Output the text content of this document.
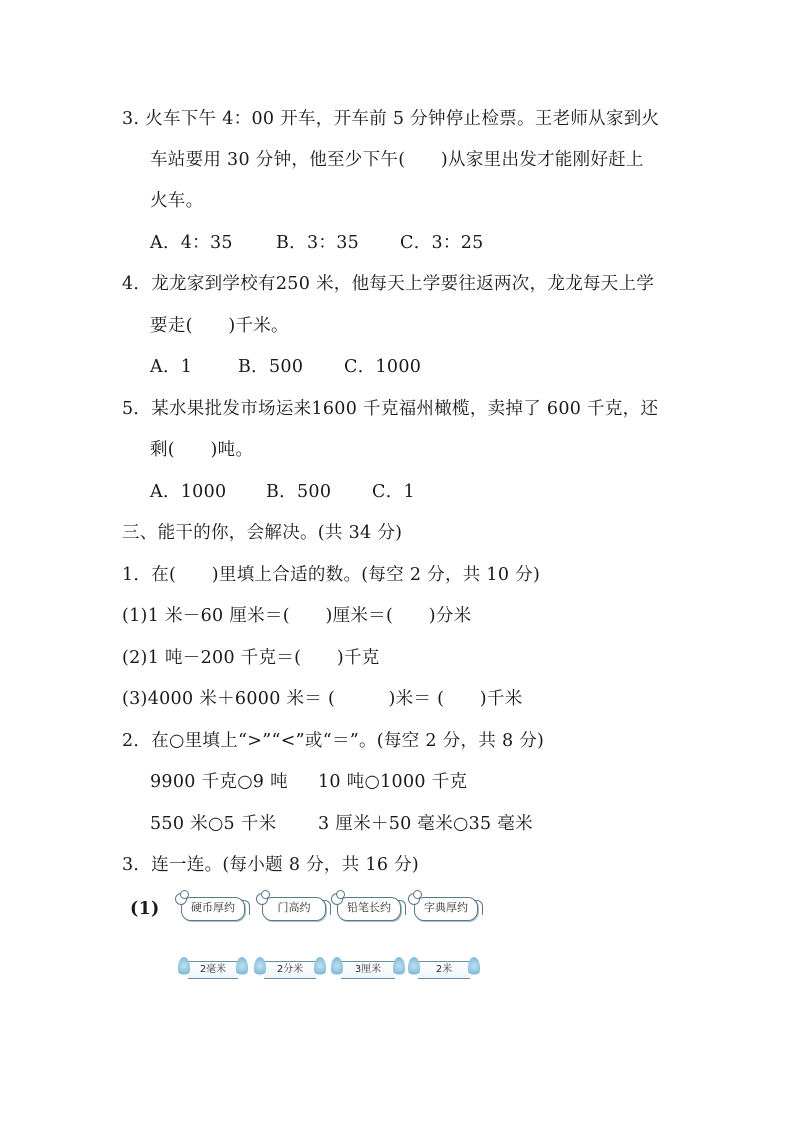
3. 火车下午 4：00 开车，开车前 5 分钟停止检票。王老师从家到火
车站要用 30 分钟，他至少下午(　　)从家里出发才能刚好赶上
火车。
A．4：35 B．3：35 C．3：25
4．龙龙家到学校有250 米，他每天上学要往返两次，龙龙每天上学
要走(　　)千米。
A．1	B．500 C．1000
5．某水果批发市场运来1600 千克福州橄榄，卖掉了 600 千克，还
剩(　　)吨。
A．1000 B．500 C．1
三、能干的你，会解决。(共 34 分)
1．在(　　)里填上合适的数。(每空 2 分，共 10 分)
(1)1 米－60 厘米＝(　　)厘米＝(　　)分米
(2)1 吨－200 千克＝(　　)千克
(3)4000 米＋6000 米＝ (　　　)米＝ (　　)千米
2．在○里填上“>”“<”或“＝”。(每空 2 分，共 8 分)
9900 千克○9 吨 10 吨○1000 千克
550 米○5 千米 3 厘米＋50 毫米○35 毫米
3．连一连。(每小题 8 分，共 16 分)
(1)	硬币厚约	门高约	铅笔长约	字典厚约
2毫米	2分米	3厘米	2米
